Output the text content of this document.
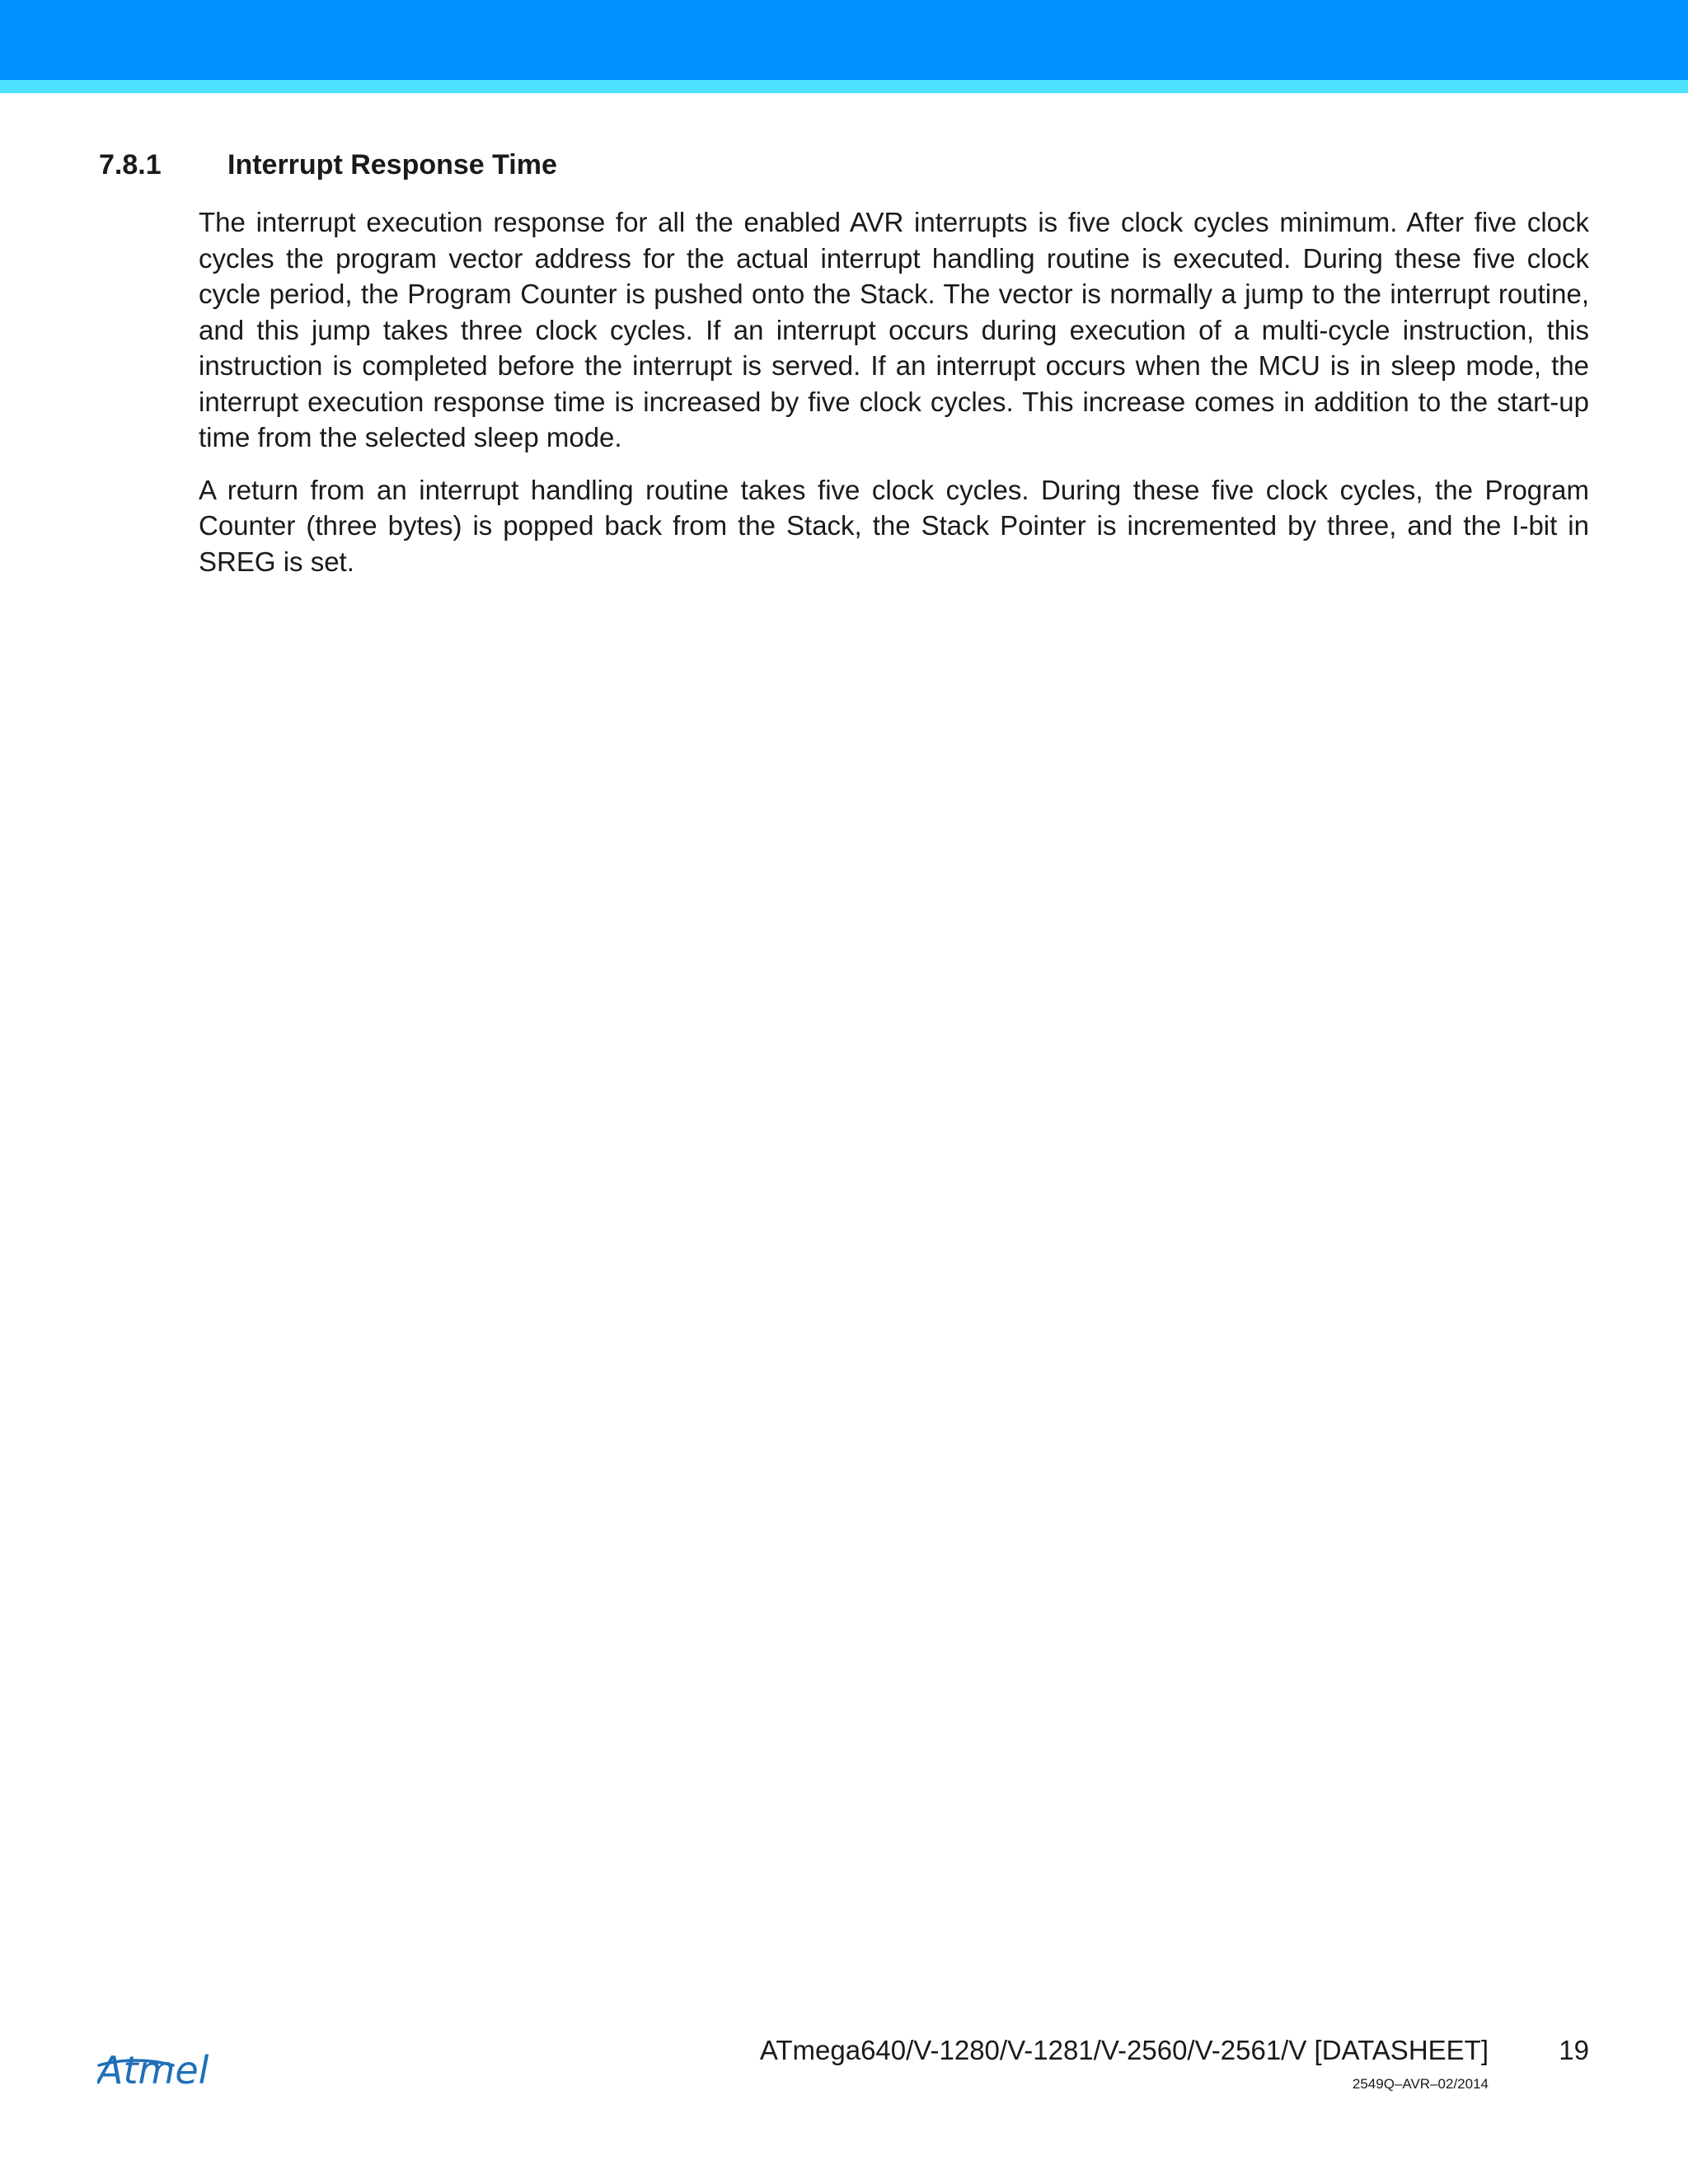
7.8.1 Interrupt Response Time

The interrupt execution response for all the enabled AVR interrupts is five clock cycles minimum. After five clock cycles the program vector address for the actual interrupt handling routine is executed. During these five clock cycle period, the Program Counter is pushed onto the Stack. The vector is normally a jump to the interrupt routine, and this jump takes three clock cycles. If an interrupt occurs during execution of a multi-cycle instruction, this instruction is completed before the interrupt is served. If an interrupt occurs when the MCU is in sleep mode, the interrupt execution response time is increased by five clock cycles. This increase comes in addition to the start-up time from the selected sleep mode.

A return from an interrupt handling routine takes five clock cycles. During these five clock cycles, the Program Counter (three bytes) is popped back from the Stack, the Stack Pointer is incremented by three, and the I-bit in SREG is set.

Atmel	ATmega640/V-1280/V-1281/V-2560/V-2561/V [DATASHEET]	19
2549Q–AVR–02/2014
